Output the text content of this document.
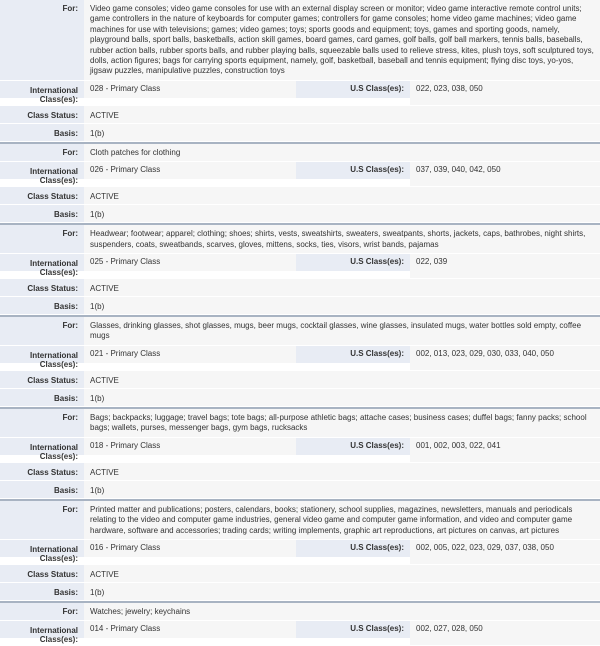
For:	Video game consoles; video game consoles for use with an external display screen or monitor; video game interactive remote control units; game controllers in the nature of keyboards for computer games; controllers for game consoles; home video game machines; video game machines for use with televisions; games; video games; toys; sports goods and equipment; toys, games and sporting goods, namely, playground balls, sport balls, basketballs, action skill games, board games, card games, golf balls, golf ball markers, tennis balls, baseballs, rubber action balls, rubber sports balls, and rubber playing balls, squeezable balls used to relieve stress, kites, plush toys, soft sculptured toys, dolls, action figures; bags for carrying sports equipment, namely, golf, basketball, baseball and tennis equipment; flying disc toys, yo-yos, jigsaw puzzles, manipulative puzzles, construction toys
International Class(es):
028 - Primary Class	U.S Class(es):	022, 023, 038, 050
Class Status:	ACTIVE
Basis:	1(b)
For:	Cloth patches for clothing
International Class(es):
026 - Primary Class	U.S Class(es):	037, 039, 040, 042, 050
Class Status:	ACTIVE
Basis:	1(b)
For:	Headwear; footwear; apparel; clothing; shoes; shirts, vests, sweatshirts, sweaters, sweatpants, shorts, jackets, caps, bathrobes, night shirts, suspenders, coats, sweatbands, scarves, gloves, mittens, socks, ties, visors, wrist bands, pajamas
International Class(es):
025 - Primary Class	U.S Class(es):	022, 039
Class Status:	ACTIVE
Basis:	1(b)
For:	Glasses, drinking glasses, shot glasses, mugs, beer mugs, cocktail glasses, wine glasses, insulated mugs, water bottles sold empty, coffee mugs
International Class(es):
021 - Primary Class	U.S Class(es):	002, 013, 023, 029, 030, 033, 040, 050
Class Status:	ACTIVE
Basis:	1(b)
For:	Bags; backpacks; luggage; travel bags; tote bags; all-purpose athletic bags; attache cases; business cases; duffel bags; fanny packs; school bags; wallets, purses, messenger bags, gym bags, rucksacks
International Class(es):
018 - Primary Class	U.S Class(es):	001, 002, 003, 022, 041
Class Status:	ACTIVE
Basis:	1(b)
For:	Printed matter and publications; posters, calendars, books; stationery, school supplies, magazines, newsletters, manuals and periodicals relating to the video and computer game industries, general video game and computer game information, and video and computer game hardware, software and accessories; trading cards; writing implements, graphic art reproductions, art pictures on canvas, art pictures
International Class(es):
016 - Primary Class	U.S Class(es):	002, 005, 022, 023, 029, 037, 038, 050
Class Status:	ACTIVE
Basis:	1(b)
For:	Watches; jewelry; keychains
International Class(es):
014 - Primary Class	U.S Class(es):	002, 027, 028, 050
